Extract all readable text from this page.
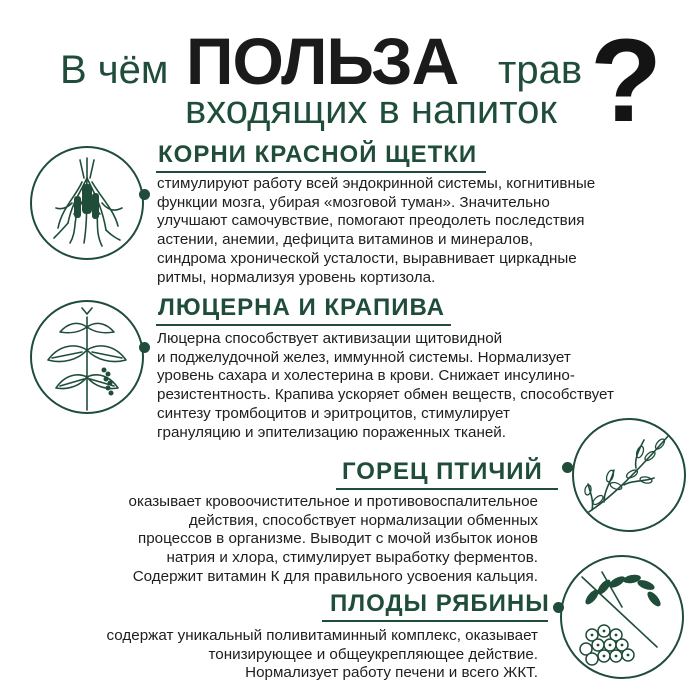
В чём ПОЛЬЗА трав
входящих в напиток ?
КОРНИ КРАСНОЙ ЩЕТКИ
стимулируют работу всей эндокринной системы, когнитивные
функции мозга, убирая «мозговой туман». Значительно
улучшают самочувствие, помогают преодолеть последствия
астении, анемии, дефицита витаминов и минералов,
синдрома хронической усталости, выравнивает циркадные
ритмы, нормализуя уровень кортизола.
ЛЮЦЕРНА И КРАПИВА
Люцерна способствует активизации щитовидной
и поджелудочной желез, иммунной системы. Нормализует
уровень сахара и холестерина в крови. Снижает инсулино-
резистентность. Крапива ускоряет обмен веществ, способствует
синтезу тромбоцитов и эритроцитов, стимулирует
грануляцию и эпителизацию пораженных тканей.
ГОРЕЦ ПТИЧИЙ
оказывает кровоочистительное и противовоспалительное
действия, способствует нормализации обменных
процессов в организме. Выводит с мочой избыток ионов
натрия и хлора, стимулирует выработку ферментов.
Содержит витамин К для правильного усвоения кальция.
ПЛОДЫ РЯБИНЫ
содержат уникальный поливитаминный комплекс, оказывает
тонизирующее и общеукрепляющее действие.
Нормализует работу печени и всего ЖКТ.
